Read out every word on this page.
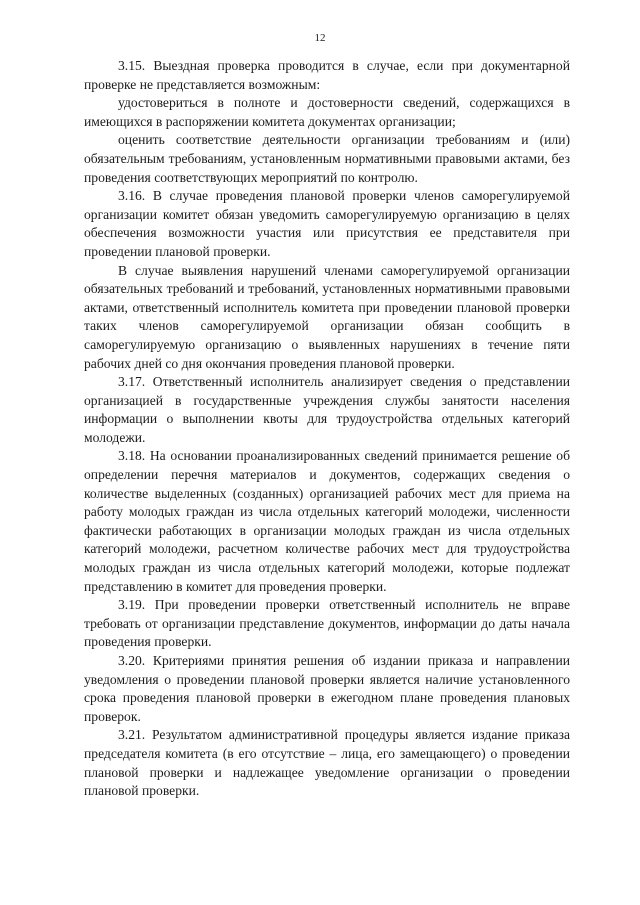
12

3.15. Выездная проверка проводится в случае, если при документарной проверке не представляется возможным:

удостовериться в полноте и достоверности сведений, содержащихся в имеющихся в распоряжении комитета документах организации;

оценить соответствие деятельности организации требованиям и (или) обязательным требованиям, установленным нормативными правовыми актами, без проведения соответствующих мероприятий по контролю.

3.16. В случае проведения плановой проверки членов саморегулируемой организации комитет обязан уведомить саморегулируемую организацию в целях обеспечения возможности участия или присутствия ее представителя при проведении плановой проверки.

В случае выявления нарушений членами саморегулируемой организации обязательных требований и требований, установленных нормативными правовыми актами, ответственный исполнитель комитета при проведении плановой проверки таких членов саморегулируемой организации обязан сообщить в саморегулируемую организацию о выявленных нарушениях в течение пяти рабочих дней со дня окончания проведения плановой проверки.

3.17. Ответственный исполнитель анализирует сведения о представлении организацией в государственные учреждения службы занятости населения информации о выполнении квоты для трудоустройства отдельных категорий молодежи.

3.18. На основании проанализированных сведений принимается решение об определении перечня материалов и документов, содержащих сведения о количестве выделенных (созданных) организацией рабочих мест для приема на работу молодых граждан из числа отдельных категорий молодежи, численности фактически работающих в организации молодых граждан из числа отдельных категорий молодежи, расчетном количестве рабочих мест для трудоустройства молодых граждан из числа отдельных категорий молодежи, которые подлежат представлению в комитет для проведения проверки.

3.19. При проведении проверки ответственный исполнитель не вправе требовать от организации представление документов, информации до даты начала проведения проверки.

3.20. Критериями принятия решения об издании приказа и направлении уведомления о проведении плановой проверки является наличие установленного срока проведения плановой проверки в ежегодном плане проведения плановых проверок.

3.21. Результатом административной процедуры является издание приказа председателя комитета (в его отсутствие – лица, его замещающего) о проведении плановой проверки и надлежащее уведомление организации о проведении плановой проверки.
